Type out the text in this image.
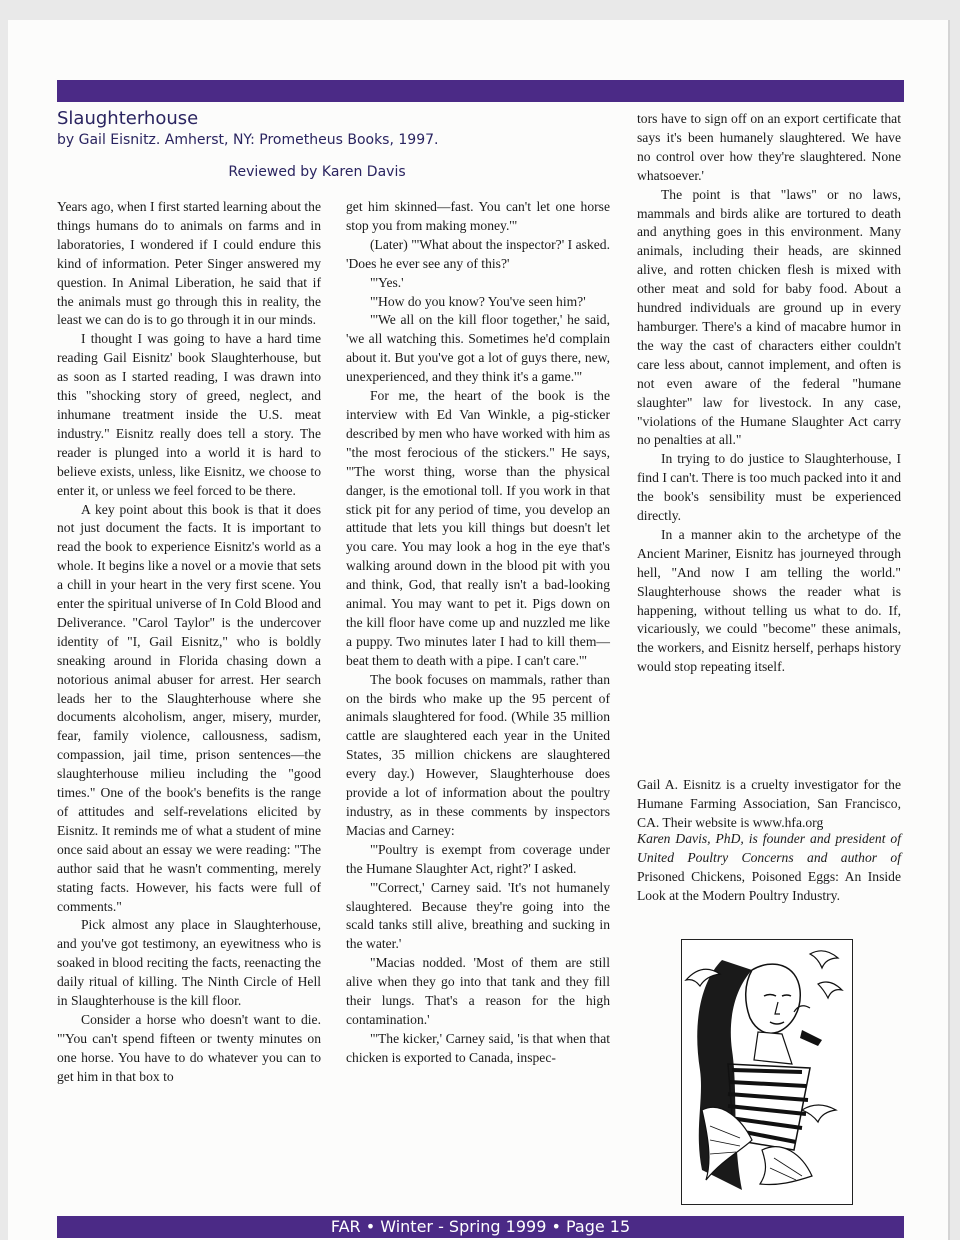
Slaughterhouse

by Gail Eisnitz. Amherst, NY: Prometheus Books, 1997.

Reviewed by Karen Davis

Years ago, when I first started learning about the things humans do to animals on farms and in laboratories, I wondered if I could endure this kind of information. Peter Singer answered my question. In Animal Liberation, he said that if the animals must go through this in reality, the least we can do is to go through it in our minds.

I thought I was going to have a hard time reading Gail Eisnitz' book Slaughterhouse, but as soon as I started reading, I was drawn into this "shocking story of greed, neglect, and inhumane treatment inside the U.S. meat industry." Eisnitz really does tell a story. The reader is plunged into a world it is hard to believe exists, unless, like Eisnitz, we choose to enter it, or unless we feel forced to be there.

A key point about this book is that it does not just document the facts. It is important to read the book to experience Eisnitz's world as a whole. It begins like a novel or a movie that sets a chill in your heart in the very first scene. You enter the spiritual universe of In Cold Blood and Deliverance. "Carol Taylor" is the undercover identity of "I, Gail Eisnitz," who is boldly sneaking around in Florida chasing down a notorious animal abuser for arrest. Her search leads her to the Slaughterhouse where she documents alcoholism, anger, misery, murder, fear, family violence, callousness, sadism, compassion, jail time, prison sentences—the slaughterhouse milieu including the "good times." One of the book's benefits is the range of attitudes and self-revelations elicited by Eisnitz. It reminds me of what a student of mine once said about an essay we were reading: "The author said that he wasn't commenting, merely stating facts. However, his facts were full of comments."

Pick almost any place in Slaughterhouse, and you've got testimony, an eyewitness who is soaked in blood reciting the facts, reenacting the daily ritual of killing. The Ninth Circle of Hell in Slaughterhouse is the kill floor.

Consider a horse who doesn't want to die. "'You can't spend fifteen or twenty minutes on one horse. You have to do whatever you can to get him in that box to

get him skinned—fast. You can't let one horse stop you from making money.'"

(Later) "'What about the inspector?' I asked. 'Does he ever see any of this?'

"'Yes.'

"'How do you know? You've seen him?'

"'We all on the kill floor together,' he said, 'we all watching this. Sometimes he'd complain about it. But you've got a lot of guys there, new, unexperienced, and they think it's a game.'"

For me, the heart of the book is the interview with Ed Van Winkle, a pig-sticker described by men who have worked with him as "the most ferocious of the stickers." He says, "'The worst thing, worse than the physical danger, is the emotional toll. If you work in that stick pit for any period of time, you develop an attitude that lets you kill things but doesn't let you care. You may look a hog in the eye that's walking around down in the blood pit with you and think, God, that really isn't a bad-looking animal. You may want to pet it. Pigs down on the kill floor have come up and nuzzled me like a puppy. Two minutes later I had to kill them—beat them to death with a pipe. I can't care.'"

The book focuses on mammals, rather than on the birds who make up the 95 percent of animals slaughtered for food. (While 35 million cattle are slaughtered each year in the United States, 35 million chickens are slaughtered every day.) However, Slaughterhouse does provide a lot of information about the poultry industry, as in these comments by inspectors Macias and Carney:

"'Poultry is exempt from coverage under the Humane Slaughter Act, right?' I asked.

"'Correct,' Carney said. 'It's not humanely slaughtered. Because they're going into the scald tanks still alive, breathing and sucking in the water.'

"Macias nodded. 'Most of them are still alive when they go into that tank and they fill their lungs. That's a reason for the high contamination.'

"'The kicker,' Carney said, 'is that when that chicken is exported to Canada, inspec-

tors have to sign off on an export certificate that says it's been humanely slaughtered. We have no control over how they're slaughtered. None whatsoever.'

The point is that "laws" or no laws, mammals and birds alike are tortured to death and anything goes in this environment. Many animals, including their heads, are skinned alive, and rotten chicken flesh is mixed with other meat and sold for baby food. About a hundred individuals are ground up in every hamburger. There's a kind of macabre humor in the way the cast of characters either couldn't care less about, cannot implement, and often is not even aware of the federal "humane slaughter" law for livestock. In any case, "violations of the Humane Slaughter Act carry no penalties at all."

In trying to do justice to Slaughterhouse, I find I can't. There is too much packed into it and the book's sensibility must be experienced directly.

In a manner akin to the archetype of the Ancient Mariner, Eisnitz has journeyed through hell, "And now I am telling the world." Slaughterhouse shows the reader what is happening, without telling us what to do. If, vicariously, we could "become" these animals, the workers, and Eisnitz herself, perhaps history would stop repeating itself.

Gail A. Eisnitz is a cruelty investigator for the Humane Farming Association, San Francisco, CA. Their website is www.hfa.org

Karen Davis, PhD, is founder and president of United Poultry Concerns and author of Prisoned Chickens, Poisoned Eggs: An Inside Look at the Modern Poultry Industry.

FAR • Winter - Spring 1999 • Page 15
